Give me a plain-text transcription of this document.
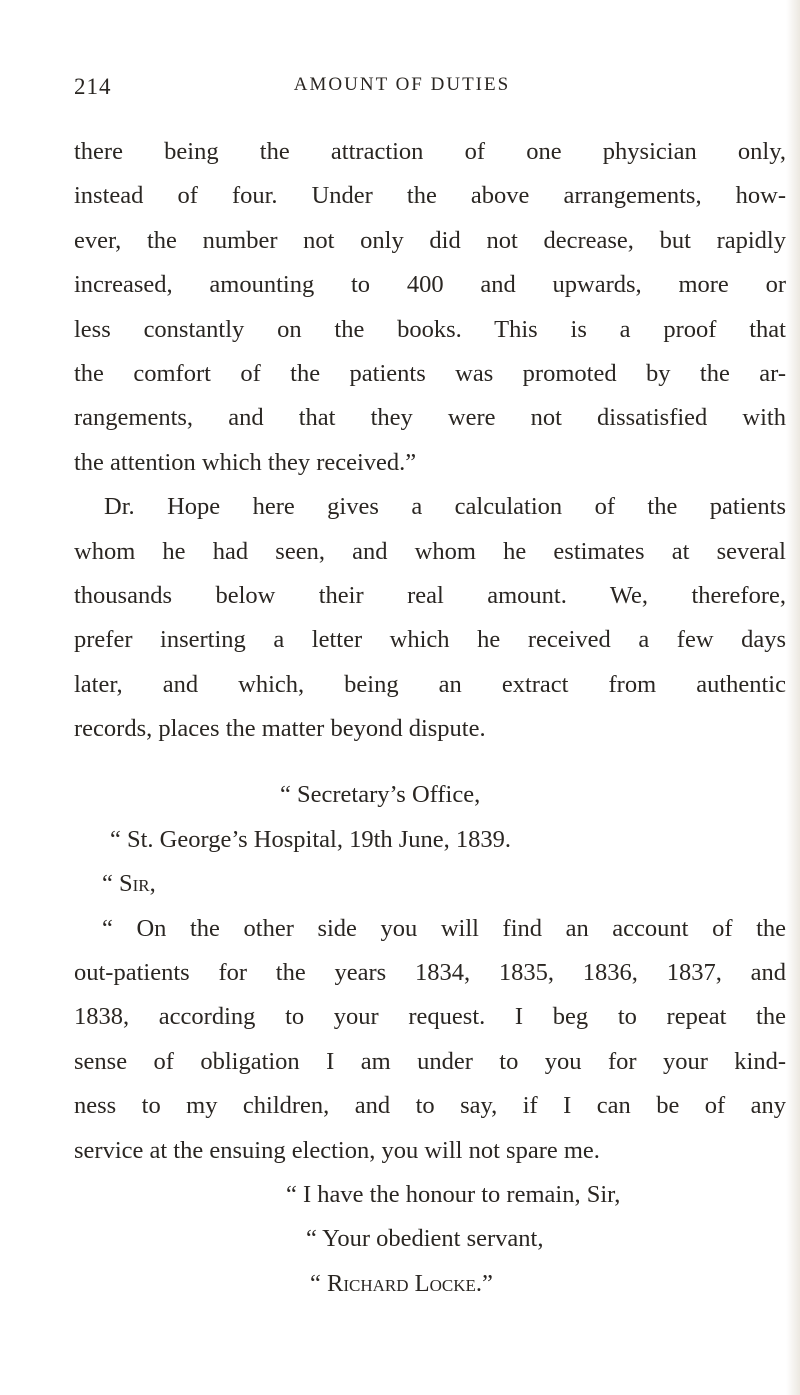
214	AMOUNT OF DUTIES
there being the attraction of one physician only,
instead of four. Under the above arrangements, how-
ever, the number not only did not decrease, but rapidly
increased, amounting to 400 and upwards, more or
less constantly on the books. This is a proof that
the comfort of the patients was promoted by the ar-
rangements, and that they were not dissatisfied with
the attention which they received.”
Dr. Hope here gives a calculation of the patients
whom he had seen, and whom he estimates at several
thousands below their real amount. We, therefore,
prefer inserting a letter which he received a few days
later, and which, being an extract from authentic
records, places the matter beyond dispute.
“ Secretary’s Office,
“ St. George’s Hospital, 19th June, 1839.
“ Sir,
“ On the other side you will find an account of the
out-patients for the years 1834, 1835, 1836, 1837, and
1838, according to your request. I beg to repeat the
sense of obligation I am under to you for your kind-
ness to my children, and to say, if I can be of any
service at the ensuing election, you will not spare me.
“ I have the honour to remain, Sir,
“ Your obedient servant,
“ Richard Locke.”
